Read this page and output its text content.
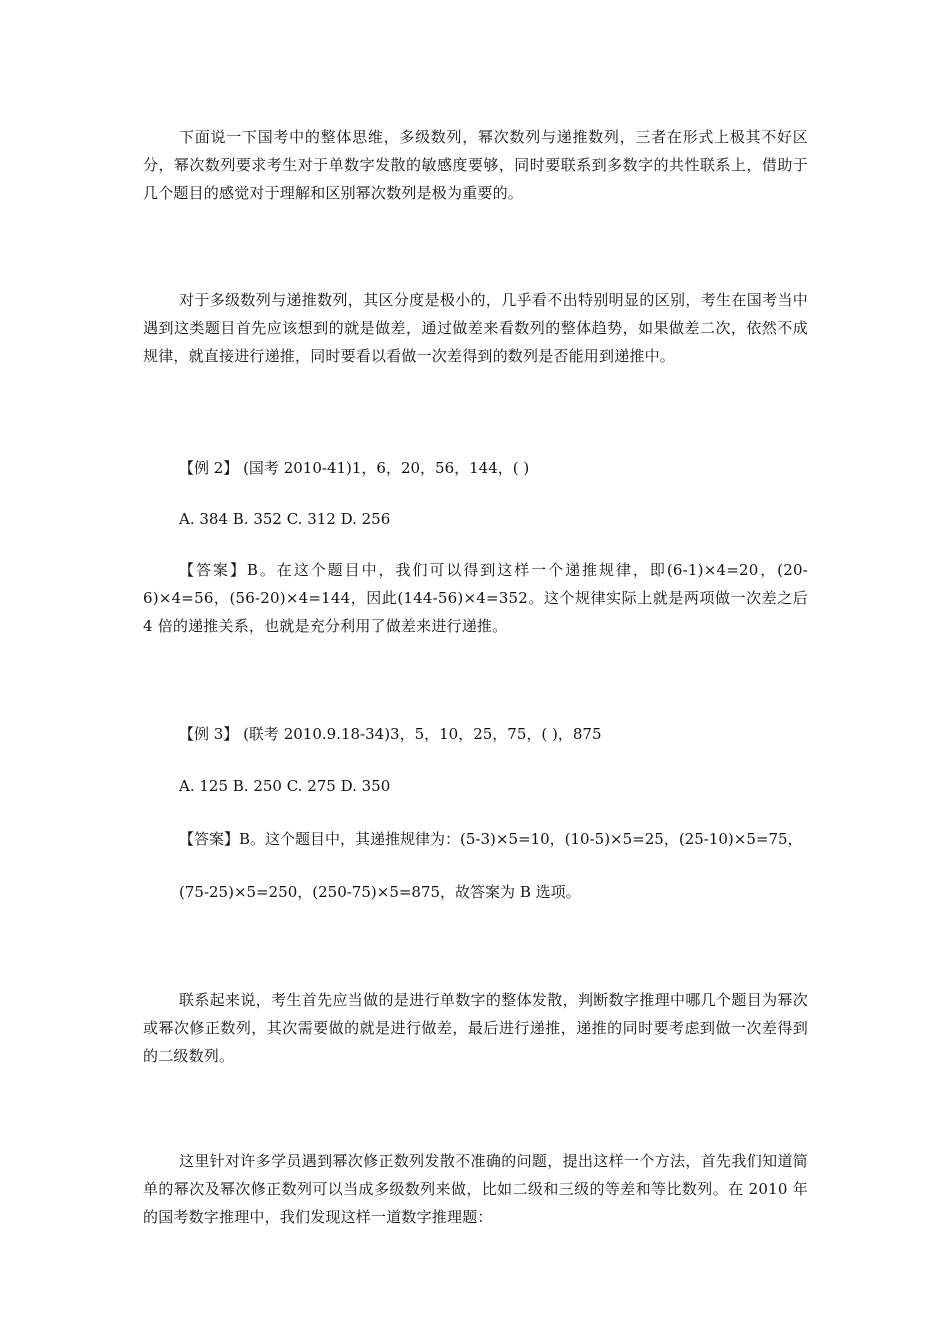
下面说一下国考中的整体思维，多级数列，幂次数列与递推数列，三者在形式上极其不好区分，幂次数列要求考生对于单数字发散的敏感度要够，同时要联系到多数字的共性联系上，借助于几个题目的感觉对于理解和区别幂次数列是极为重要的。

对于多级数列与递推数列，其区分度是极小的，几乎看不出特别明显的区别，考生在国考当中遇到这类题目首先应该想到的就是做差，通过做差来看数列的整体趋势，如果做差二次，依然不成规律，就直接进行递推，同时要看以看做一次差得到的数列是否能用到递推中。

【例 2】 (国考 2010-41)1，6，20，56，144，( )

A. 384 B. 352 C. 312 D. 256

【答案】B。在这个题目中，我们可以得到这样一个递推规律，即(6-1)×4=20，(20-6)×4=56，(56-20)×4=144，因此(144-56)×4=352。这个规律实际上就是两项做一次差之后 4 倍的递推关系，也就是充分利用了做差来进行递推。

【例 3】 (联考 2010.9.18-34)3，5，10，25，75，( )，875

A. 125 B. 250 C. 275 D. 350

【答案】B。这个题目中，其递推规律为：(5-3)×5=10，(10-5)×5=25，(25-10)×5=75，

(75-25)×5=250，(250-75)×5=875，故答案为 B 选项。

联系起来说，考生首先应当做的是进行单数字的整体发散，判断数字推理中哪几个题目为幂次或幂次修正数列，其次需要做的就是进行做差，最后进行递推，递推的同时要考虑到做一次差得到的二级数列。

这里针对许多学员遇到幂次修正数列发散不准确的问题，提出这样一个方法，首先我们知道简单的幂次及幂次修正数列可以当成多级数列来做，比如二级和三级的等差和等比数列。在 2010 年的国考数字推理中，我们发现这样一道数字推理题：
